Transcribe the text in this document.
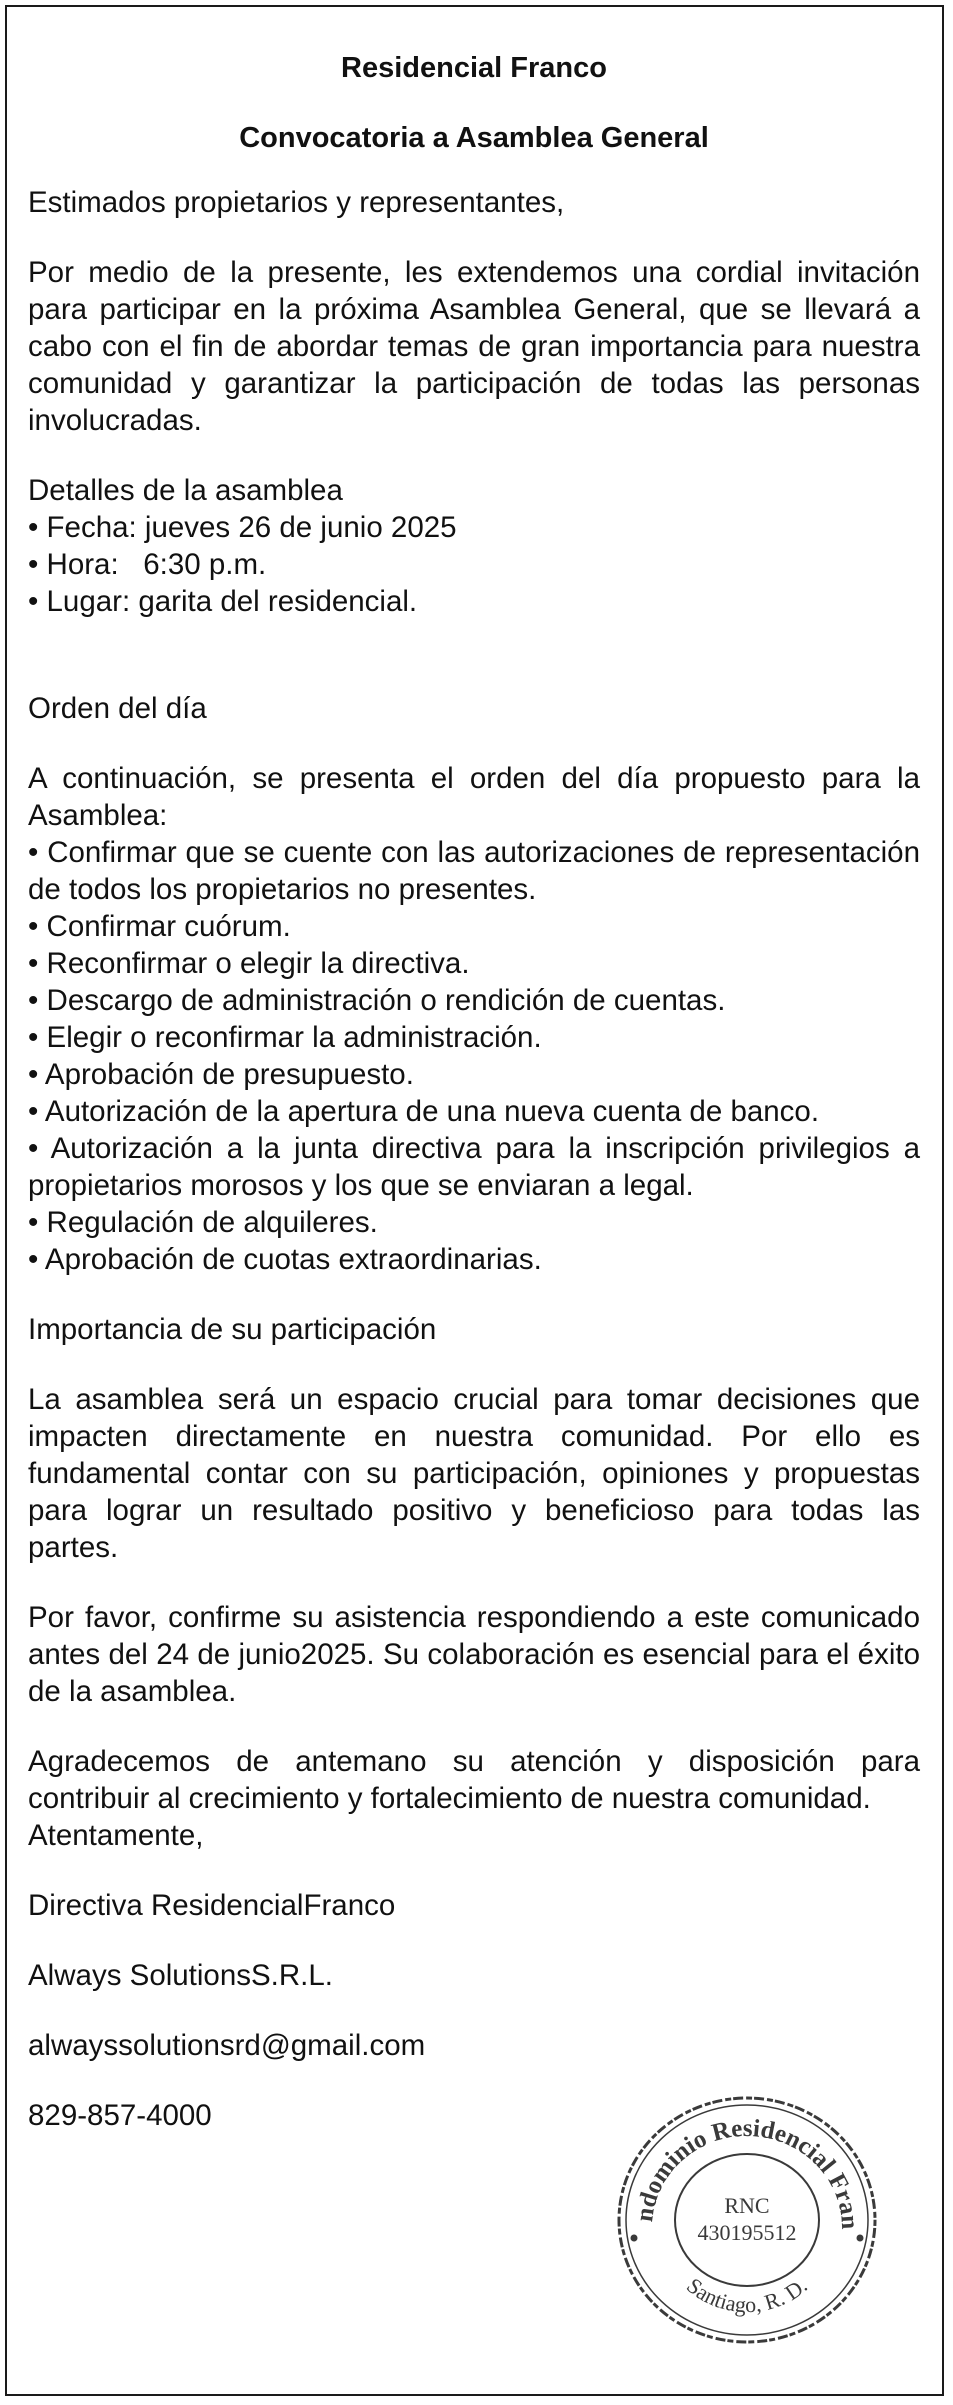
Residencial Franco
Convocatoria a Asamblea General

Estimados propietarios y representantes,

Por medio de la presente, les extendemos una cordial invitación para participar en la próxima Asamblea General, que se llevará a cabo con el fin de abordar temas de gran importancia para nuestra comunidad y garantizar la participación de todas las personas involucradas.

Detalles de la asamblea

• Fecha: jueves 26 de junio 2025
• Hora:   6:30 p.m.
• Lugar: garita del residencial.

Orden del día

A continuación, se presenta el orden del día propuesto para la Asamblea:

• Confirmar que se cuente con las autorizaciones de representación de todos los propietarios no presentes.
• Confirmar cuórum.
• Reconfirmar o elegir la directiva.
• Descargo de administración o rendición de cuentas.
• Elegir o reconfirmar la administración.
• Aprobación de presupuesto.
• Autorización de la apertura de una nueva cuenta de banco.
• Autorización a la junta directiva para la inscripción privilegios a propietarios morosos y los que se enviaran a legal.
• Regulación de alquileres.
• Aprobación de cuotas extraordinarias.

Importancia de su participación

La asamblea será un espacio crucial para tomar decisiones que impacten directamente en nuestra comunidad. Por ello es fundamental contar con su participación, opiniones y propuestas para lograr un resultado positivo y beneficioso para todas las partes.

Por favor, confirme su asistencia respondiendo a este comunicado antes del 24 de junio2025. Su colaboración es esencial para el éxito de la asamblea.

Agradecemos de antemano su atención y disposición para contribuir al crecimiento y fortalecimiento de nuestra comunidad.

Atentamente,

Directiva ResidencialFranco

Always SolutionsS.R.L.

alwayssolutionsrd@gmail.com

829-857-4000

ndominio Residencial Fran
Santiago, R. D.
RNC
430195512
